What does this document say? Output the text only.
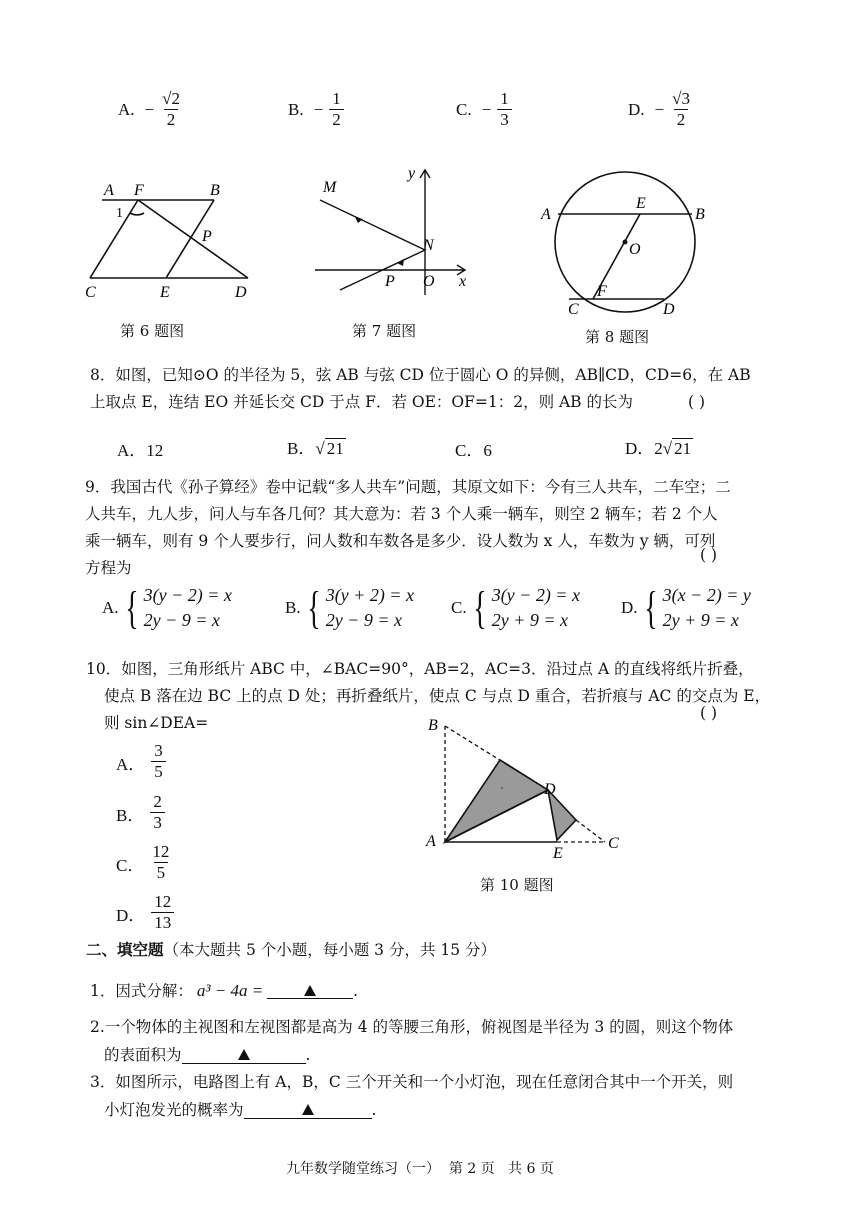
A. − $\frac{√2}{2}$	B. − $\frac{1}{2}$	C. − $\frac{1}{3}$	D. − $\frac{√3}{2}$
A F	B
1
P
C	E	D
第 6 题图
M
y
N
P O x
第 7 题图
A
E
B
O
C
F
D
第 8 题图
8．如图，已知⊙O 的半径为 5，弦 AB 与弦 CD 位于圆心 O 的异侧，AB∥CD，CD=6，在 AB
上取点 E，连结 EO 并延长交 CD 于点 F．若 OE：OF=1：2，则 AB 的长为	( )
A．12	B．√ 21	C．6	D．2√ 21
9．我国古代《孙子算经》卷中记载“多人共车”问题，其原文如下：今有三人共车，二车空；二
人共车，九人步，问人与车各几何？其大意为：若 3 个人乘一辆车，则空 2 辆车；若 2 个人
乘一辆车，则有 9 个人要步行，问人数和车数各是多少．设人数为 x 人，车数为 y 辆，可列
方程为
( )
A. { 3(y − 2) = x
2y − 9 = x
B. { 3(y + 2) = x
2y − 9 = x
C. { 3(y − 2) = x
2y + 9 = x
D. { 3(x − 2) = y
2y + 9 = x
10．如图，三角形纸片 ABC 中，∠BAC=90°，AB=2，AC=3．沿过点 A 的直线将纸片折叠，
使点 B 落在边 BC 上的点 D 处；再折叠纸片，使点 C 与点 D 重合，若折痕与 AC 的交点为 E，
则 sin∠DEA=
( )
A． $\frac{3}{5}$
B． $\frac{2}{3}$
C． $\frac{12}{5}$
D． $\frac{12}{13}$
B
D
A
E
C
第 10 题图
二、填空题（本大题共 5 个小题，每小题 3 分，共 15 分）
1．因式分解： a³ − 4a =	.
2.一个物体的主视图和左视图都是高为 4 的等腰三角形，俯视图是半径为 3 的圆，则这个物体
的表面积为	.
3．如图所示，电路图上有 A，B，C 三个开关和一个小灯泡，现在任意闭合其中一个开关，则
小灯泡发光的概率为	.
九年数学随堂练习（一）  第 2 页   共 6 页
